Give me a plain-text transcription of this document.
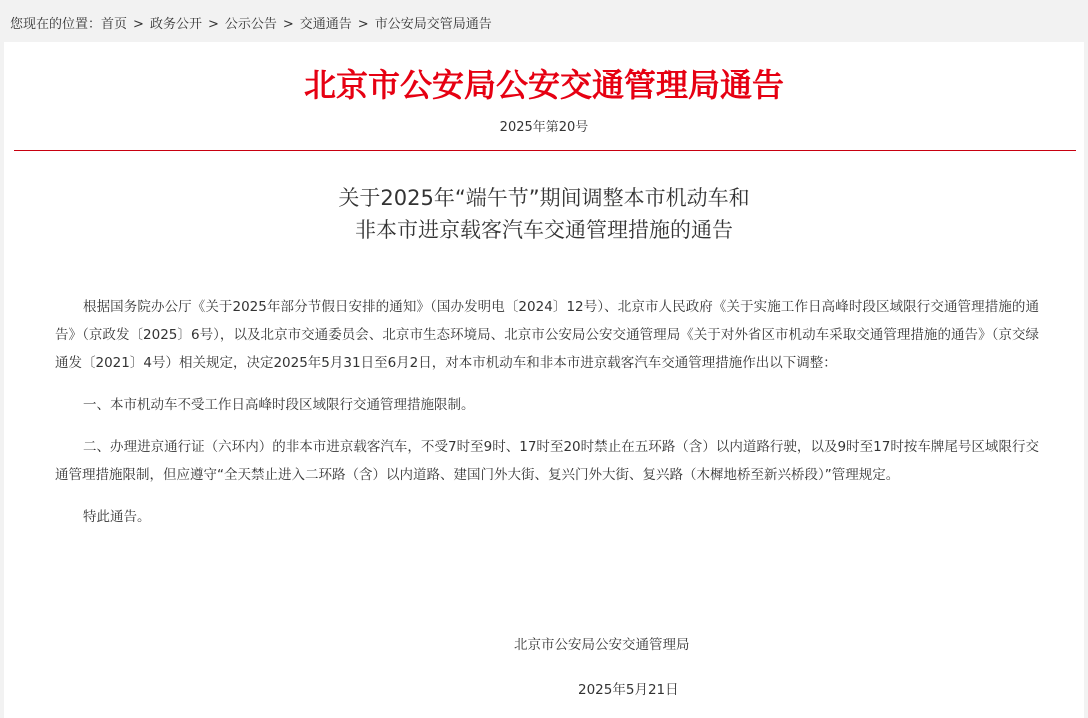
您现在的位置：首页 > 政务公开 > 公示公告 > 交通通告 > 市公安局交管局通告
北京市公安局公安交通管理局通告
2025年第20号
关于2025年“端午节”期间调整本市机动车和
非本市进京载客汽车交通管理措施的通告

根据国务院办公厅《关于2025年部分节假日安排的通知》（国办发明电〔2024〕12号）、北京市人民政府《关于实施工作日高峰时段区域限行交通管理措施的通告》（京政发〔2025〕6号），以及北京市交通委员会、北京市生态环境局、北京市公安局公安交通管理局《关于对外省区市机动车采取交通管理措施的通告》（京交绿通发〔2021〕4号）相关规定，决定2025年5月31日至6月2日，对本市机动车和非本市进京载客汽车交通管理措施作出以下调整：

一、本市机动车不受工作日高峰时段区域限行交通管理措施限制。

二、办理进京通行证（六环内）的非本市进京载客汽车，不受7时至9时、17时至20时禁止在五环路（含）以内道路行驶，以及9时至17时按车牌尾号区域限行交通管理措施限制，但应遵守“全天禁止进入二环路（含）以内道路、建国门外大街、复兴门外大街、复兴路（木樨地桥至新兴桥段）”管理规定。

特此通告。

北京市公安局公安交通管理局
2025年5月21日
